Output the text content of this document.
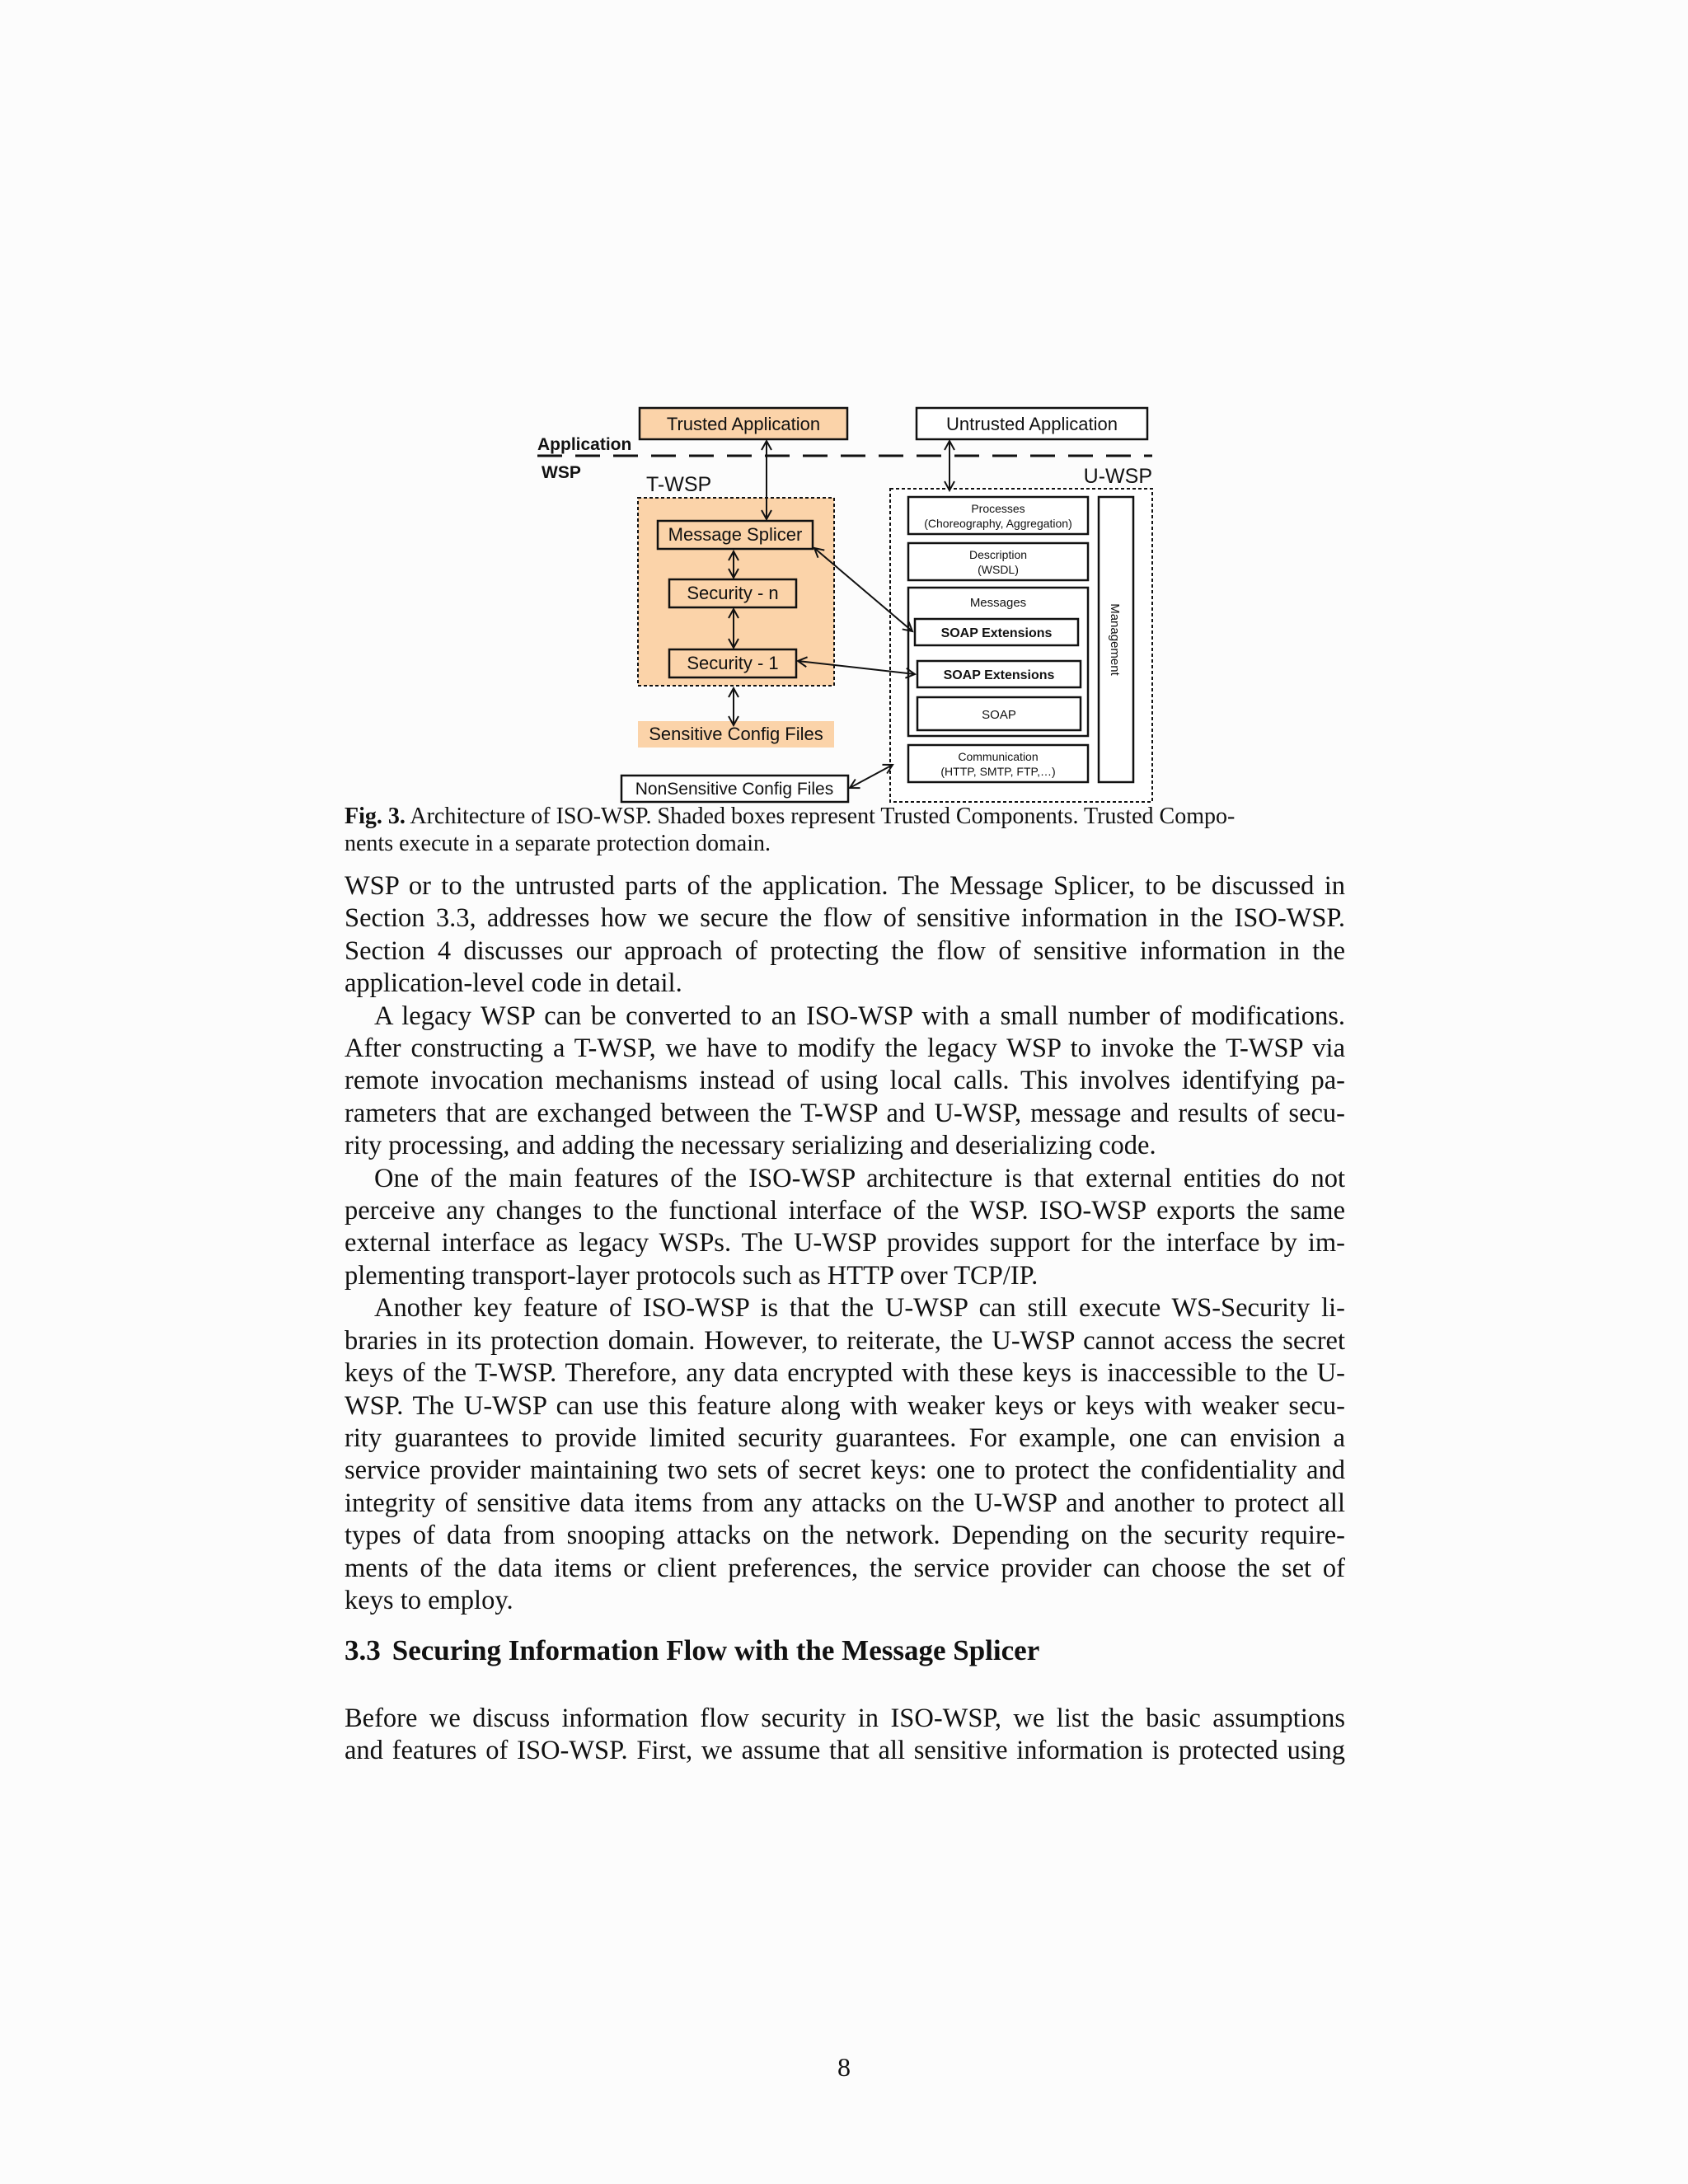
Application
WSP
Trusted Application	Untrusted Application
T-WSP
Message Splicer
Security - n
Security - 1
Sensitive Config Files
NonSensitive Config Files
U-WSP
Processes
(Choreography, Aggregation)
Description
(WSDL)
Messages
SOAP Extensions
SOAP Extensions
SOAP
Communication
(HTTP, SMTP, FTP,…)
Management
Fig. 3. Architecture of ISO-WSP. Shaded boxes represent Trusted Components. Trusted Compo-
nents execute in a separate protection domain.

WSP or to the untrusted parts of the application. The Message Splicer, to be discussed in

Section 3.3, addresses how we secure the flow of sensitive information in the ISO-WSP.

Section 4 discusses our approach of protecting the flow of sensitive information in the

application-level code in detail.

A legacy WSP can be converted to an ISO-WSP with a small number of modifications.

After constructing a T-WSP, we have to modify the legacy WSP to invoke the T-WSP via

remote invocation mechanisms instead of using local calls. This involves identifying pa-

rameters that are exchanged between the T-WSP and U-WSP, message and results of secu-

rity processing, and adding the necessary serializing and deserializing code.

One of the main features of the ISO-WSP architecture is that external entities do not

perceive any changes to the functional interface of the WSP. ISO-WSP exports the same

external interface as legacy WSPs. The U-WSP provides support for the interface by im-

plementing transport-layer protocols such as HTTP over TCP/IP.

Another key feature of ISO-WSP is that the U-WSP can still execute WS-Security li-

braries in its protection domain. However, to reiterate, the U-WSP cannot access the secret

keys of the T-WSP. Therefore, any data encrypted with these keys is inaccessible to the U-

WSP. The U-WSP can use this feature along with weaker keys or keys with weaker secu-

rity guarantees to provide limited security guarantees. For example, one can envision a

service provider maintaining two sets of secret keys: one to protect the confidentiality and

integrity of sensitive data items from any attacks on the U-WSP and another to protect all

types of data from snooping attacks on the network. Depending on the security require-

ments of the data items or client preferences, the service provider can choose the set of

keys to employ.

3.3 Securing Information Flow with the Message Splicer

Before we discuss information flow security in ISO-WSP, we list the basic assumptions

and features of ISO-WSP. First, we assume that all sensitive information is protected using

8
